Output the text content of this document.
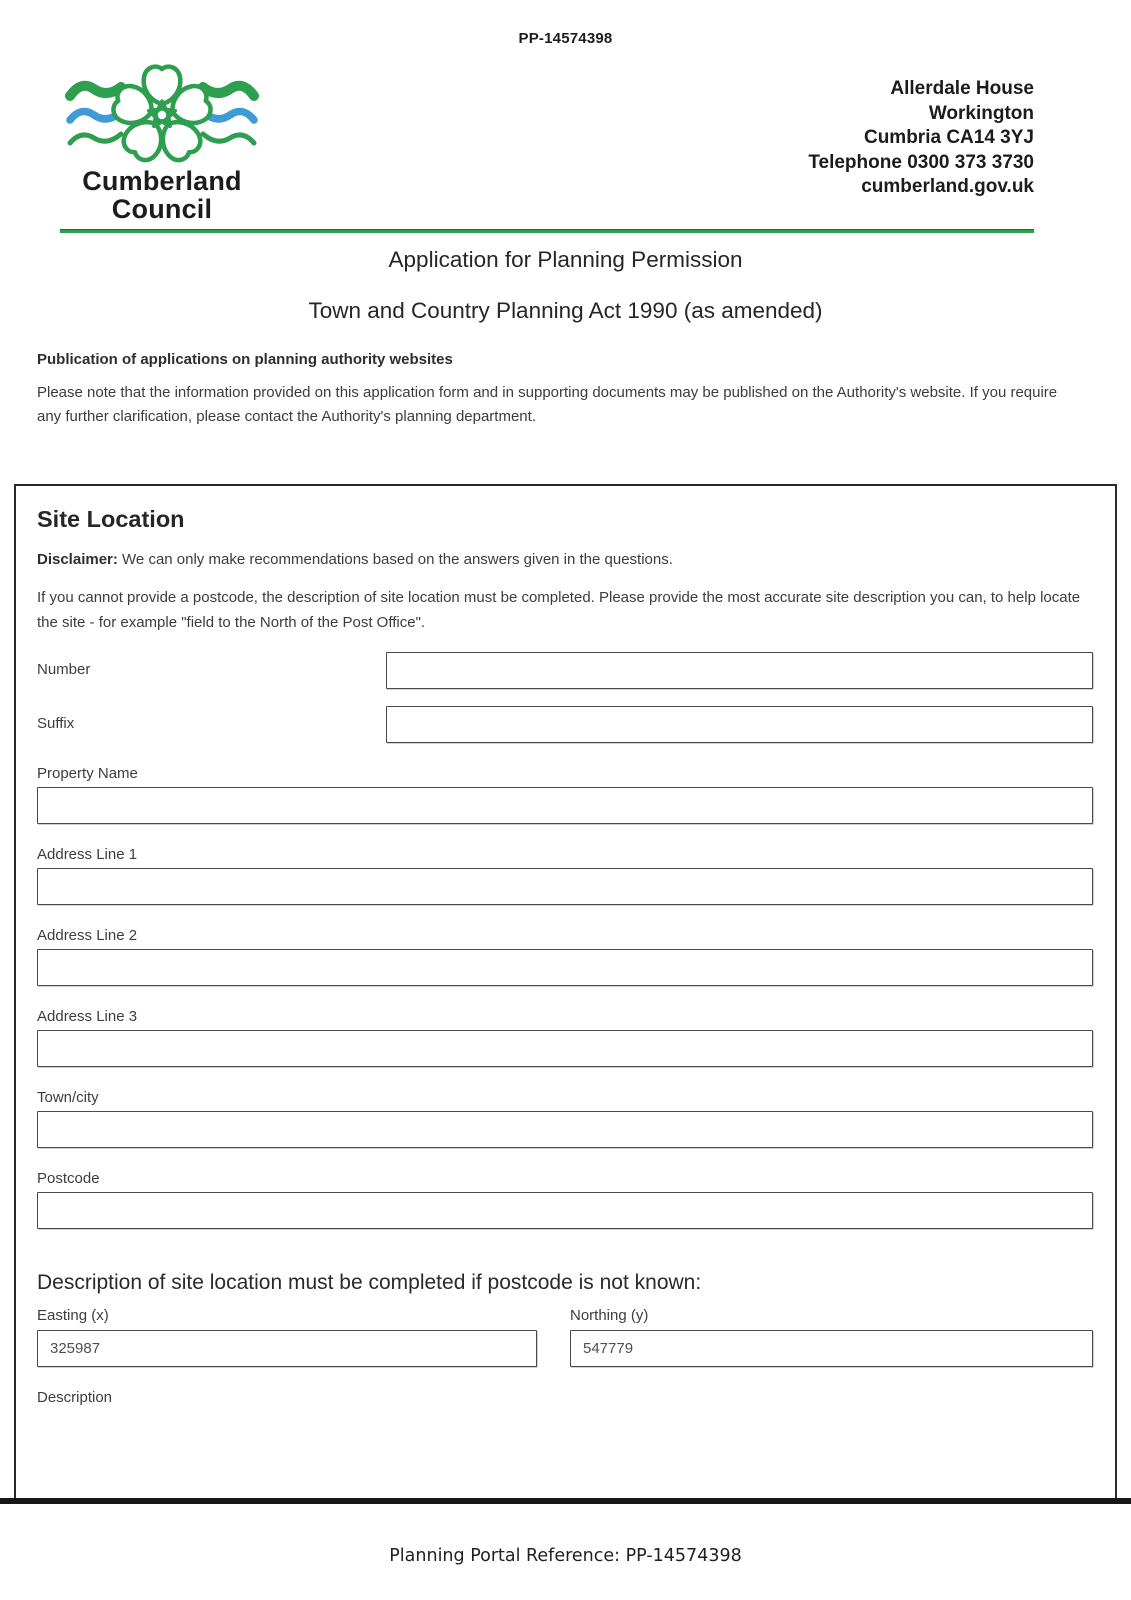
PP-14574398
Cumberland
Council
Allerdale House
Workington
Cumbria CA14 3YJ
Telephone 0300 373 3730
cumberland.gov.uk
Application for Planning Permission
Town and Country Planning Act 1990 (as amended)
Publication of applications on planning authority websites
Please note that the information provided on this application form and in supporting documents may be published on the Authority's website. If you require any further clarification, please contact the Authority's planning department.
Site Location
Disclaimer: We can only make recommendations based on the answers given in the questions.
If you cannot provide a postcode, the description of site location must be completed. Please provide the most accurate site description you can, to help locate the site - for example "field to the North of the Post Office".
Number
Suffix
Property Name
Address Line 1
Address Line 2
Address Line 3
Town/city
Postcode
Description of site location must be completed if postcode is not known:
Easting (x)
325987	Northing (y)
547779
Description
Planning Portal Reference: PP-14574398
